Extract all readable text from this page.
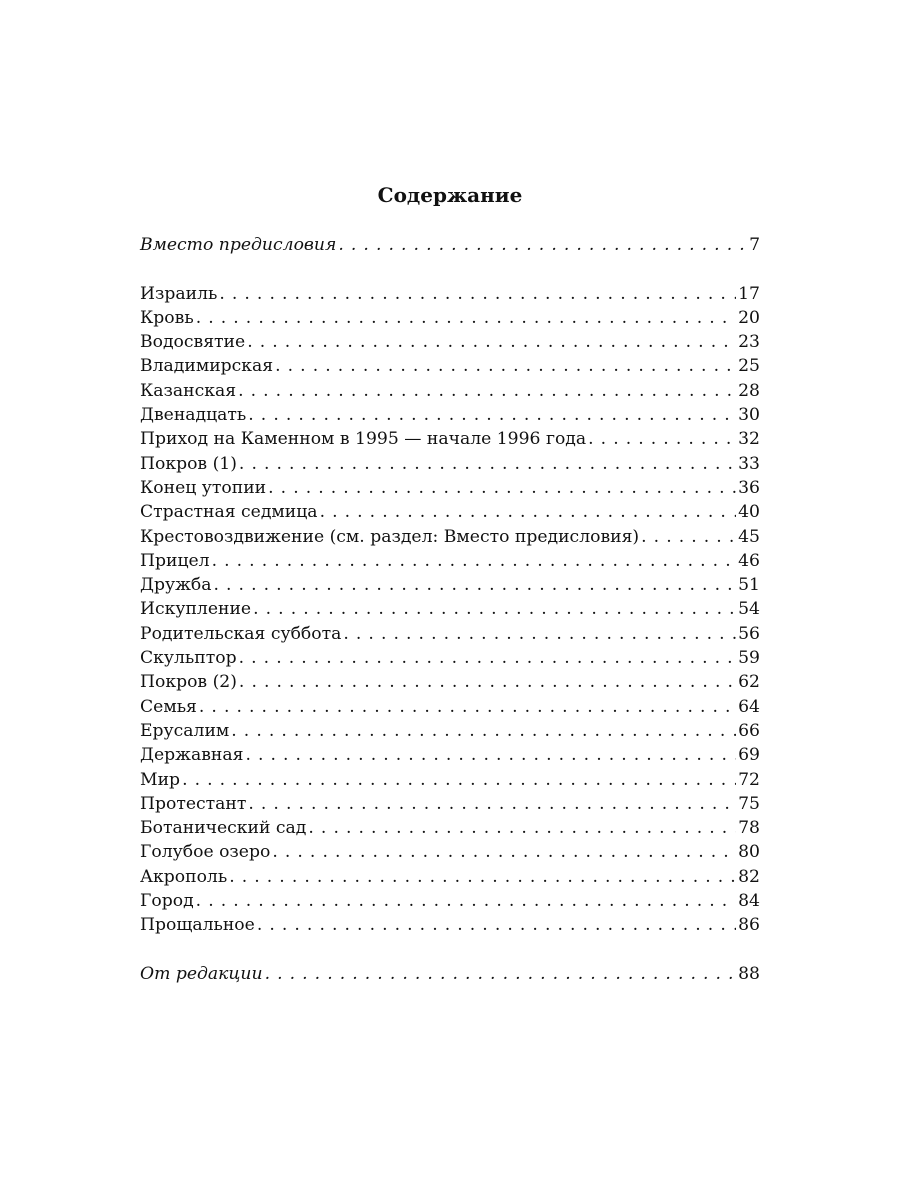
Содержание
Вместо предисловия . . .	7
Израиль . . .	17
Кровь . . .	20
Водосвятие . . .	23
Владимирская . . .	25
Казанская . . .	28
Двенадцать . . .	30
Приход на Каменном в 1995 — начале 1996 года . . .	32
Покров (1) . . .	33
Конец утопии . . .	36
Страстная седмица . . .	40
Крестовоздвижение (см. раздел: Вместо предисловия) . . .	45
Прицел . . .	46
Дружба . . .	51
Искупление . . .	54
Родительская суббота . . .	56
Скульптор . . .	59
Покров (2) . . .	62
Семья . . .	64
Ерусалим . . .	66
Державная . . .	69
Мир . . .	72
Протестант . . .	75
Ботанический сад . . .	78
Голубое озеро . . .	80
Акрополь . . .	82
Город . . .	84
Прощальное . . .	86
От редакции . . .	88
